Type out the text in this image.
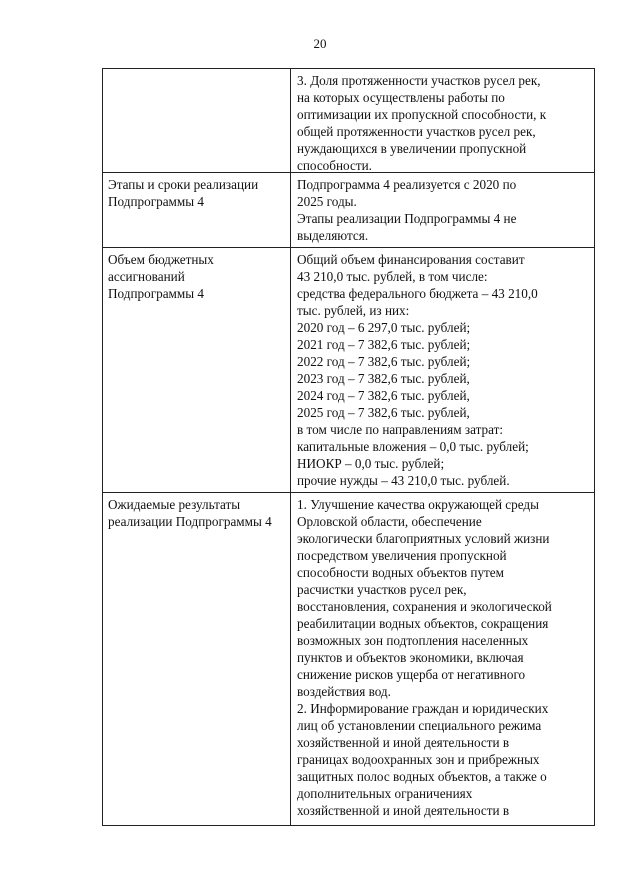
20
3. Доля протяженности участков русел рек,
на которых осуществлены работы по
оптимизации их пропускной способности, к
общей протяженности участков русел рек,
нуждающихся в увеличении пропускной
способности.
Этапы и сроки реализации
Подпрограммы 4
Подпрограмма 4 реализуется с 2020 по
2025 годы.
Этапы реализации Подпрограммы 4 не
выделяются.
Объем бюджетных
ассигнований
Подпрограммы 4
Общий объем финансирования составит
43 210,0 тыс. рублей, в том числе:
средства федерального бюджета – 43 210,0
тыс. рублей, из них:
2020 год – 6 297,0 тыс. рублей;
2021 год – 7 382,6 тыс. рублей;
2022 год – 7 382,6 тыс. рублей;
2023 год – 7 382,6 тыс. рублей,
2024 год – 7 382,6 тыс. рублей,
2025 год – 7 382,6 тыс. рублей,
в том числе по направлениям затрат:
капитальные вложения – 0,0 тыс. рублей;
НИОКР – 0,0 тыс. рублей;
прочие нужды – 43 210,0 тыс. рублей.
Ожидаемые результаты
реализации Подпрограммы 4
1. Улучшение качества окружающей среды
Орловской области, обеспечение
экологически благоприятных условий жизни
посредством увеличения пропускной
способности водных объектов путем
расчистки участков русел рек,
восстановления, сохранения и экологической
реабилитации водных объектов, сокращения
возможных зон подтопления населенных
пунктов и объектов экономики, включая
снижение рисков ущерба от негативного
воздействия вод.
2. Информирование граждан и юридических
лиц об установлении специального режима
хозяйственной и иной деятельности в
границах водоохранных зон и прибрежных
защитных полос водных объектов, а также о
дополнительных ограничениях
хозяйственной и иной деятельности в
